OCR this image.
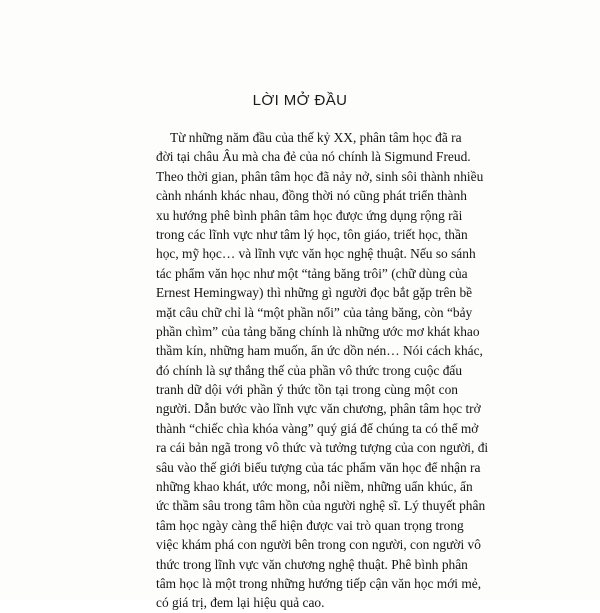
LỜI MỞ ĐẦU
Từ những năm đầu của thế kỷ XX, phân tâm học đã ra
đời tại châu Âu mà cha đẻ của nó chính là Sigmund Freud.
Theo thời gian, phân tâm học đã nảy nở, sinh sôi thành nhiều
cành nhánh khác nhau, đồng thời nó cũng phát triển thành
xu hướng phê bình phân tâm học được ứng dụng rộng rãi
trong các lĩnh vực như tâm lý học, tôn giáo, triết học, thần
học, mỹ học… và lĩnh vực văn học nghệ thuật. Nếu so sánh
tác phẩm văn học như một “tảng băng trôi” (chữ dùng của
Ernest Hemingway) thì những gì người đọc bắt gặp trên bề
mặt câu chữ chỉ là “một phần nổi” của tảng băng, còn “bảy
phần chìm” của tảng băng chính là những ước mơ khát khao
thầm kín, những ham muốn, ẩn ức dồn nén… Nói cách khác,
đó chính là sự thắng thế của phần vô thức trong cuộc đấu
tranh dữ dội với phần ý thức tồn tại trong cùng một con
người. Dẫn bước vào lĩnh vực văn chương, phân tâm học trở
thành “chiếc chìa khóa vàng” quý giá để chúng ta có thể mở
ra cái bản ngã trong vô thức và tưởng tượng của con người, đi
sâu vào thế giới biểu tượng của tác phẩm văn học để nhận ra
những khao khát, ước mong, nỗi niềm, những uẩn khúc, ẩn
ức thầm sâu trong tâm hồn của người nghệ sĩ. Lý thuyết phân
tâm học ngày càng thể hiện được vai trò quan trọng trong
việc khám phá con người bên trong con người, con người vô
thức trong lĩnh vực văn chương nghệ thuật. Phê bình phân
tâm học là một trong những hướng tiếp cận văn học mới mẻ,
có giá trị, đem lại hiệu quả cao.
